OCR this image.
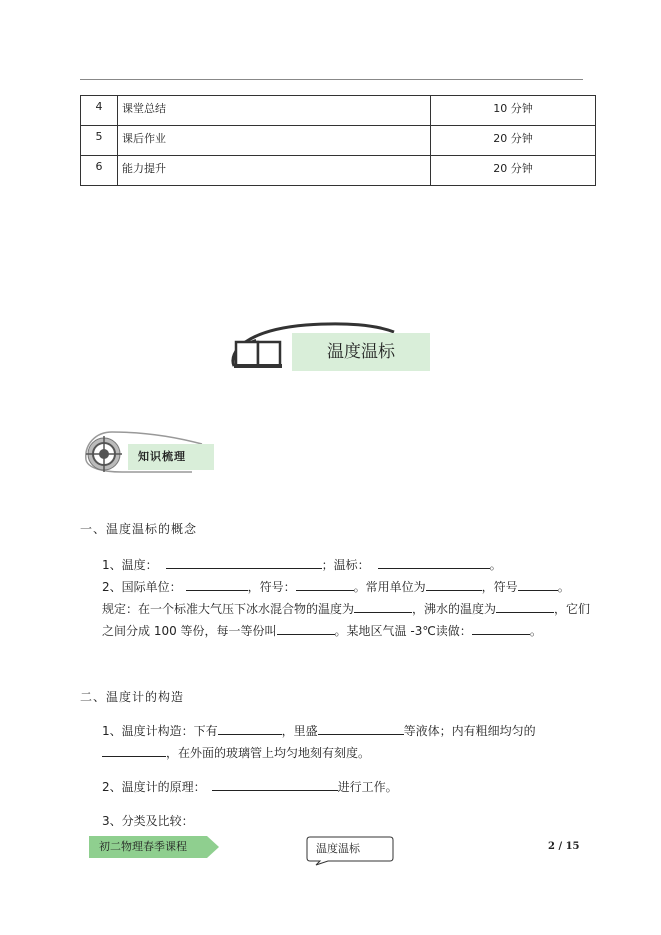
4	课堂总结	10 分钟
5	课后作业	20 分钟
6	能力提升	20 分钟
温度温标
知识梳理
一、温度温标的概念
1、温度：	；温标：	。
2、国际单位：	，符号：	。常用单位为	，符号	。
规定：在一个标准大气压下冰水混合物的温度为	，沸水的温度为	，它们
之间分成 100 等份，每一等份叫	。某地区气温 -3℃读做：	。
二、温度计的构造
1、温度计构造：下有	，里盛	等液体；内有粗细均匀的
，在外面的玻璃管上均匀地刻有刻度。
2、温度计的原理：	进行工作。
3、分类及比较：
初二物理春季课程	温度温标	2 / 15
